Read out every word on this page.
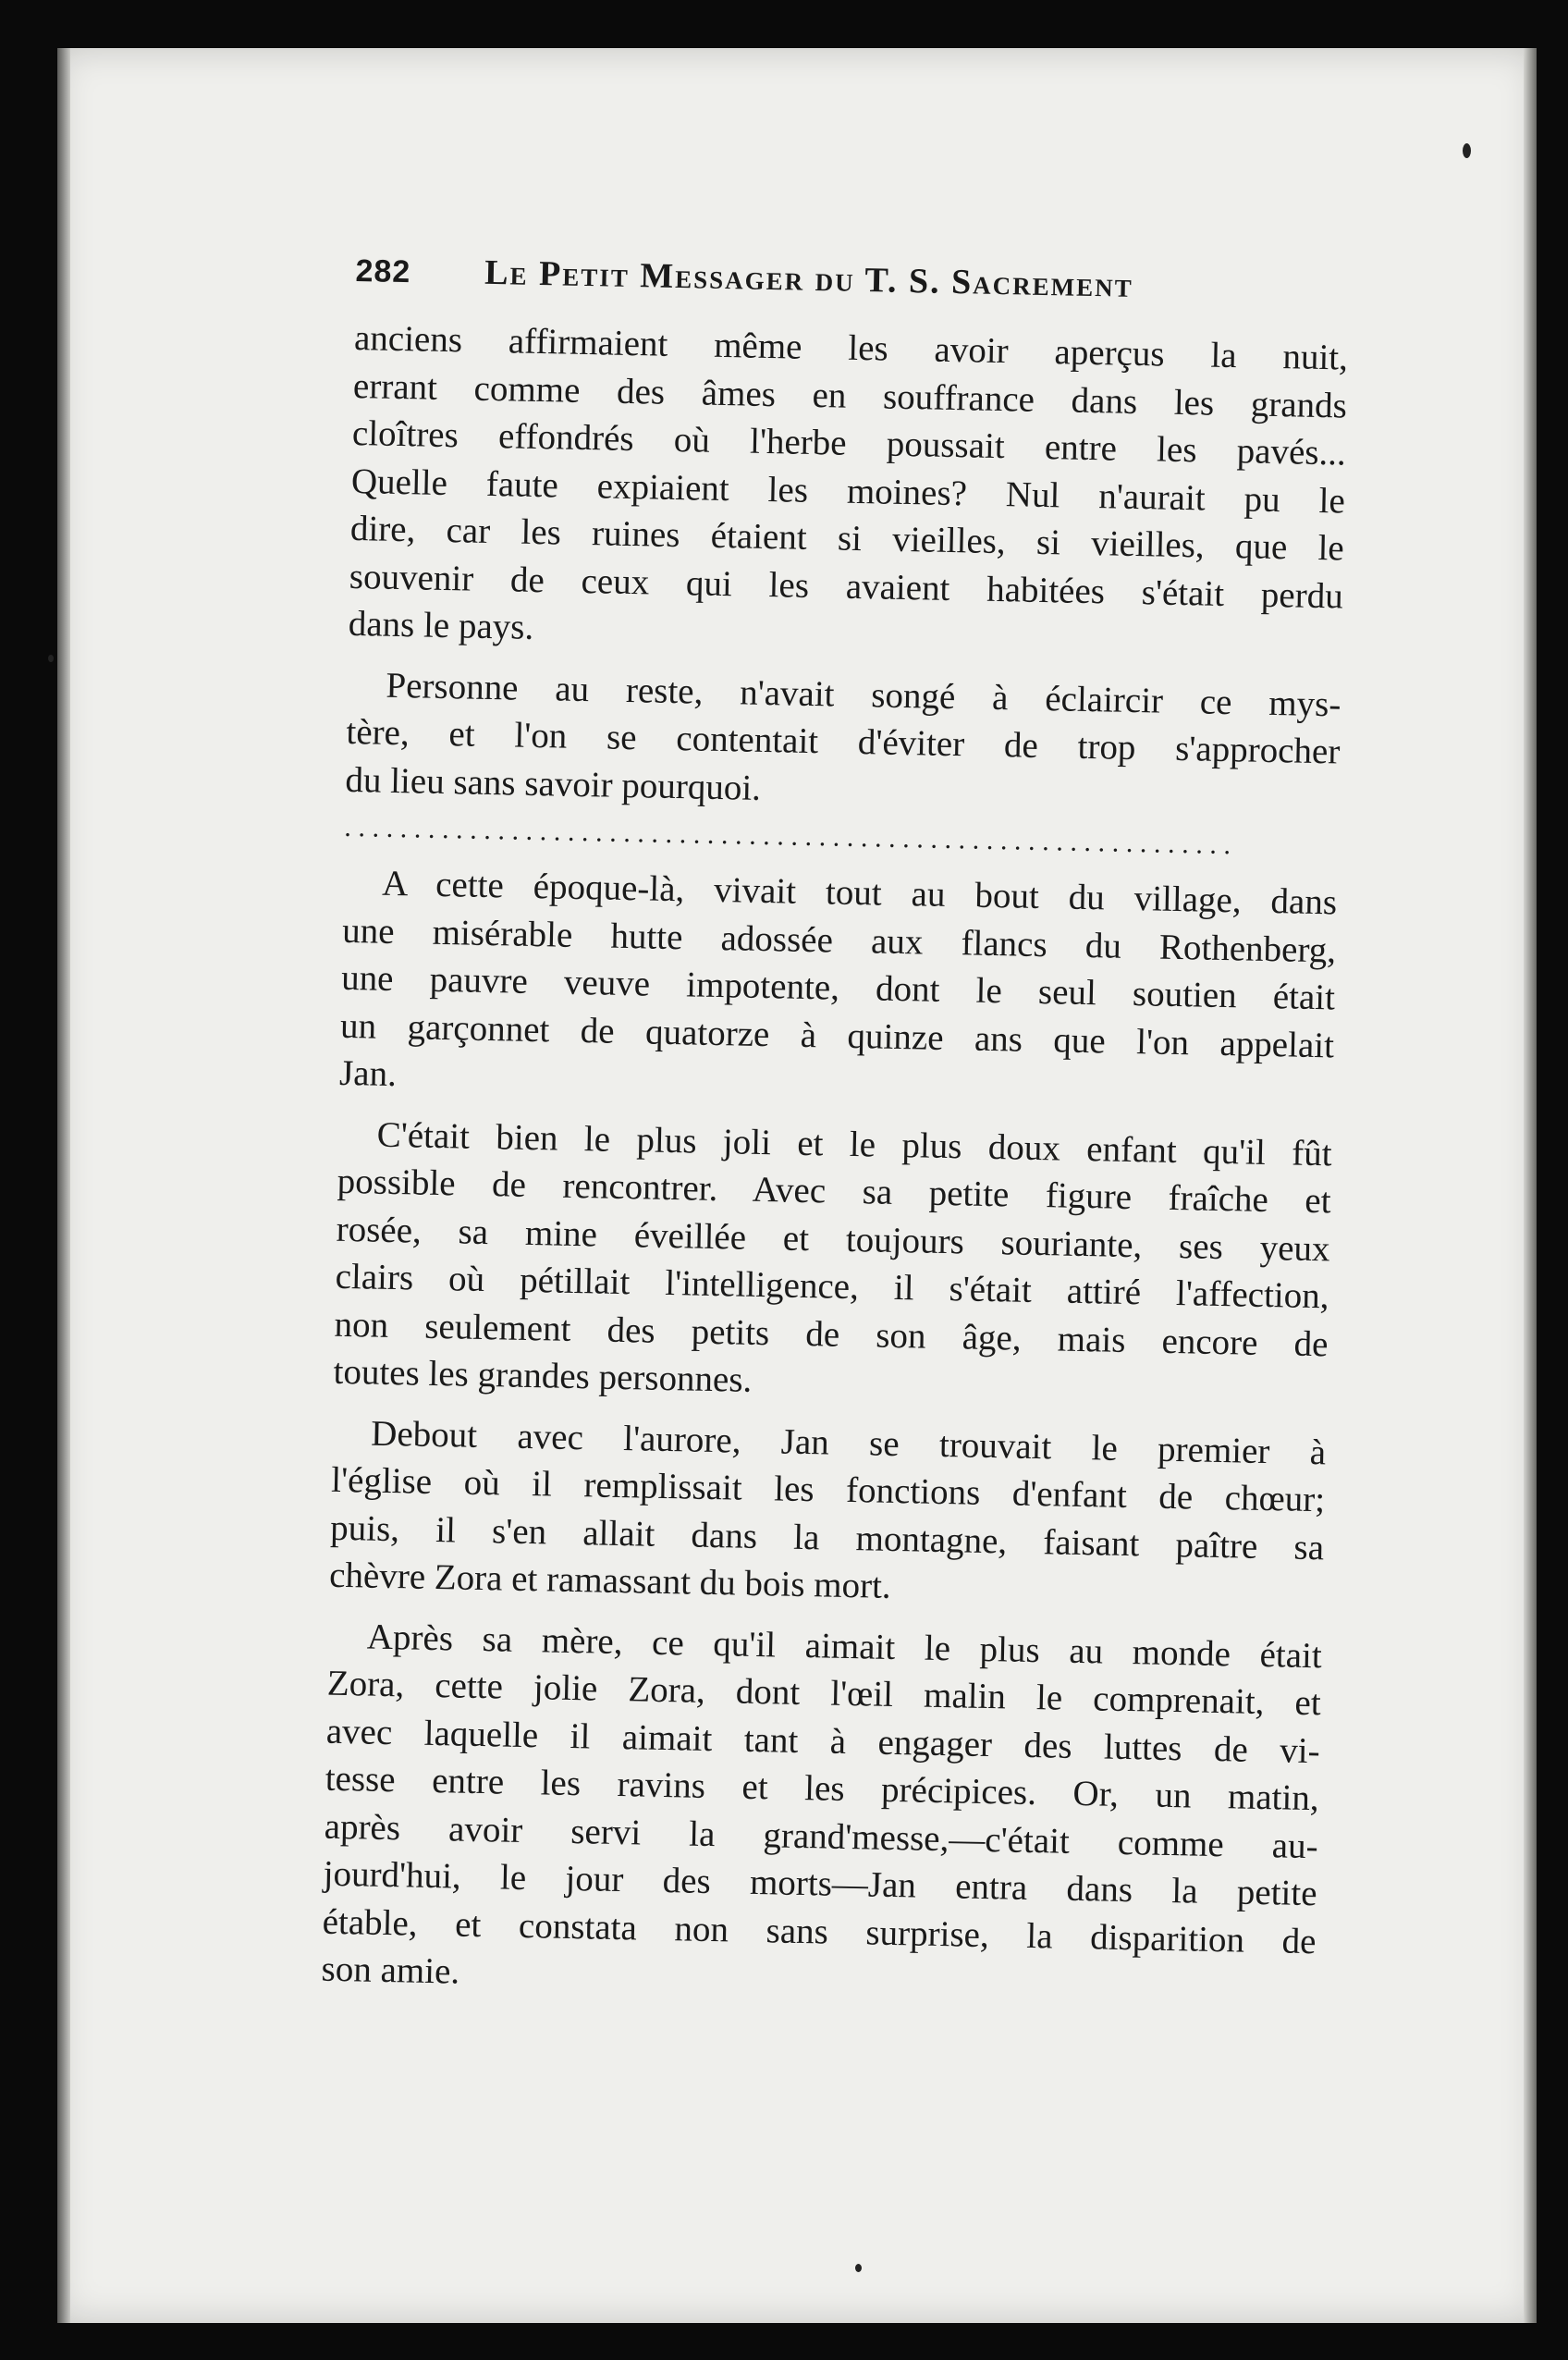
282 Le Petit Messager du T. S. Sacrement
anciens affirmaient même les avoir aperçus la nuit,
errant comme des âmes en souffrance dans les grands
cloîtres effondrés où l'herbe poussait entre les pavés...
Quelle faute expiaient les moines? Nul n'aurait pu le
dire, car les ruines étaient si vieilles, si vieilles, que le
souvenir de ceux qui les avaient habitées s'était perdu
dans le pays.
Personne au reste, n'avait songé à éclaircir ce mys-
tère, et l'on se contentait d'éviter de trop s'approcher
du lieu sans savoir pourquoi.
................................................................
A cette époque-là, vivait tout au bout du village, dans
une misérable hutte adossée aux flancs du Rothenberg,
une pauvre veuve impotente, dont le seul soutien était
un garçonnet de quatorze à quinze ans que l'on appelait
Jan.
C'était bien le plus joli et le plus doux enfant qu'il fût
possible de rencontrer. Avec sa petite figure fraîche et
rosée, sa mine éveillée et toujours souriante, ses yeux
clairs où pétillait l'intelligence, il s'était attiré l'affection,
non seulement des petits de son âge, mais encore de
toutes les grandes personnes.
Debout avec l'aurore, Jan se trouvait le premier à
l'église où il remplissait les fonctions d'enfant de chœur;
puis, il s'en allait dans la montagne, faisant paître sa
chèvre Zora et ramassant du bois mort.
Après sa mère, ce qu'il aimait le plus au monde était
Zora, cette jolie Zora, dont l'œil malin le comprenait, et
avec laquelle il aimait tant à engager des luttes de vi-
tesse entre les ravins et les précipices. Or, un matin,
après avoir servi la grand'messe,—c'était comme au-
jourd'hui, le jour des morts—Jan entra dans la petite
étable, et constata non sans surprise, la disparition de
son amie.
